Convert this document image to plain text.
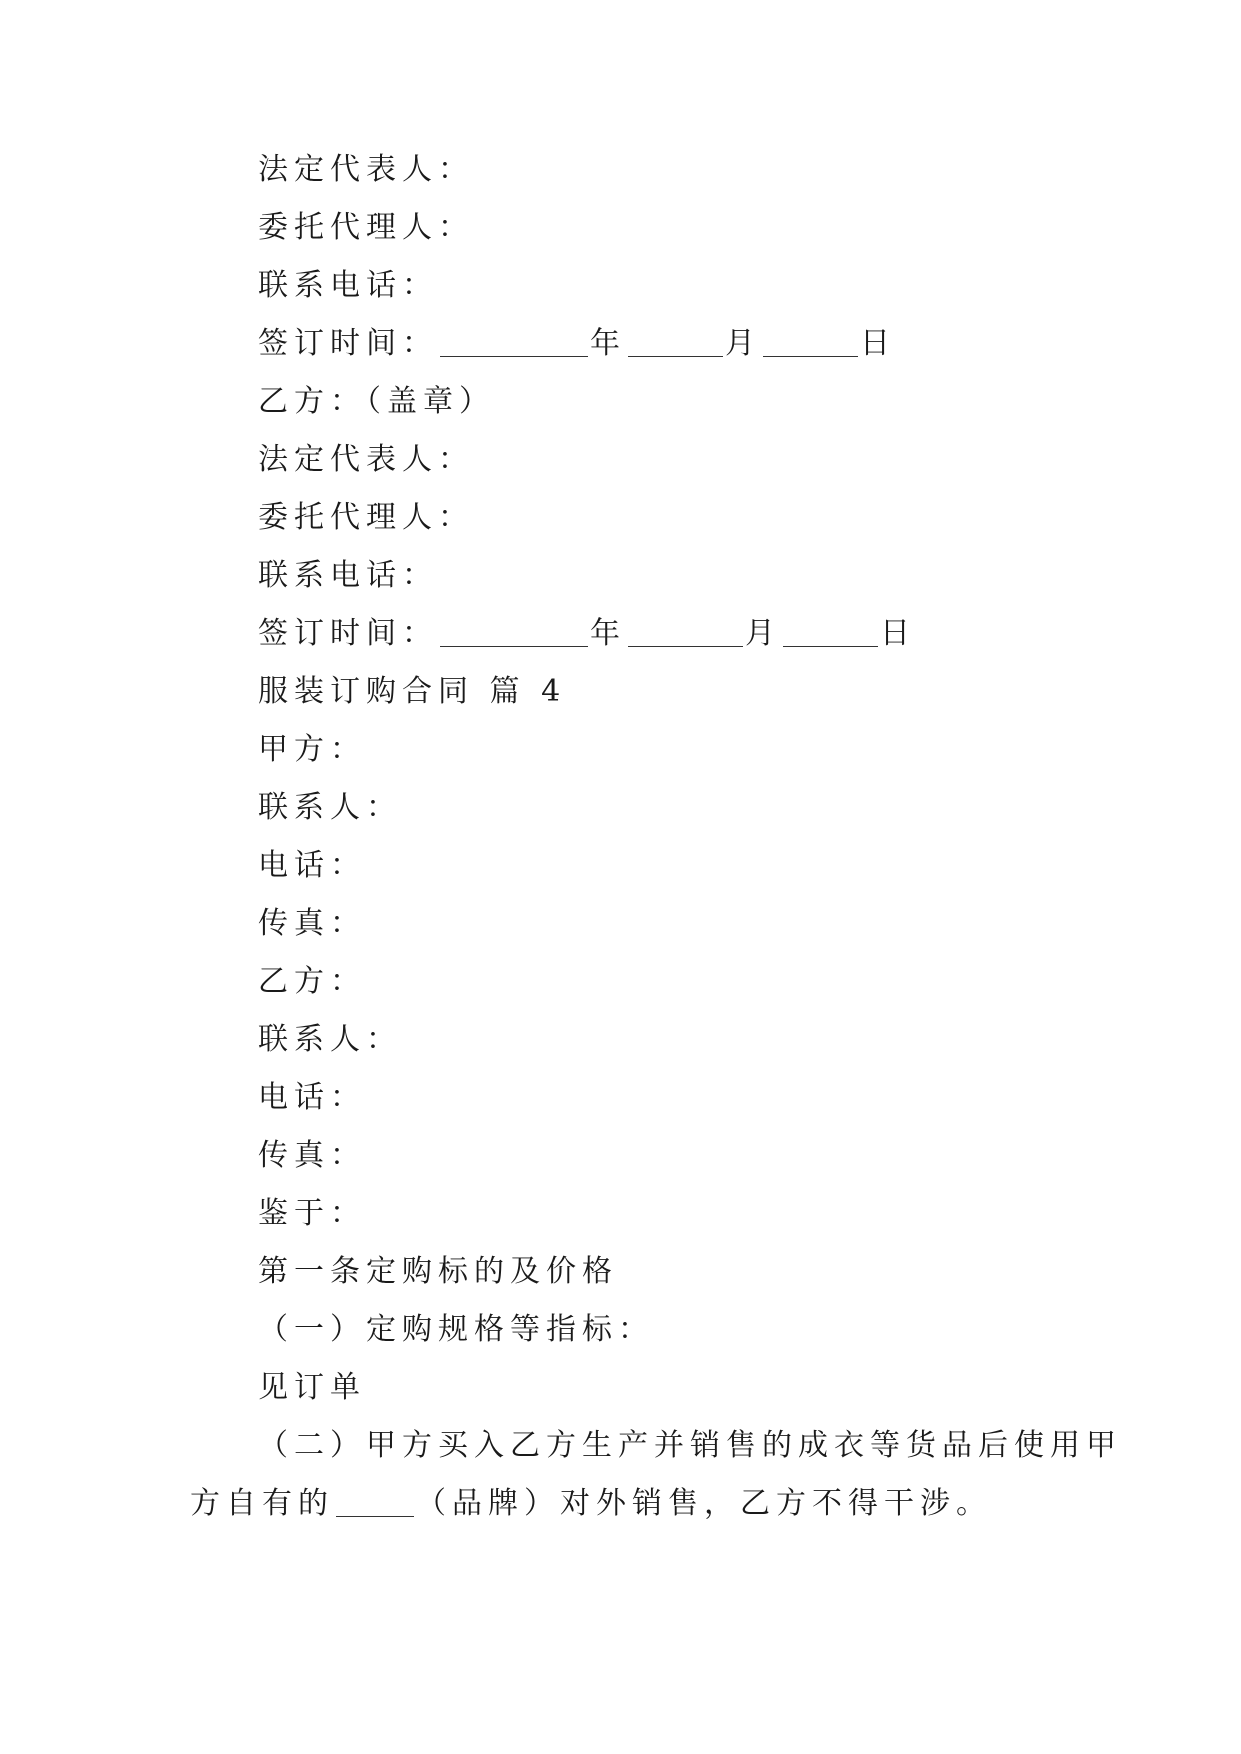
法定代表人：
委托代理人：
联系电话：
签订时间：	年	月	日
乙方：（盖章）
法定代表人：
委托代理人：
联系电话：
签订时间：	年	月	日
服装订购合同 篇 4
甲方：
联系人：
电话：
传真：
乙方：
联系人：
电话：
传真：
鉴于：
第一条定购标的及价格
（一）定购规格等指标：
见订单
（二）甲方买入乙方生产并销售的成衣等货品后使用甲
方自有的	（品牌）对外销售，乙方不得干涉。
